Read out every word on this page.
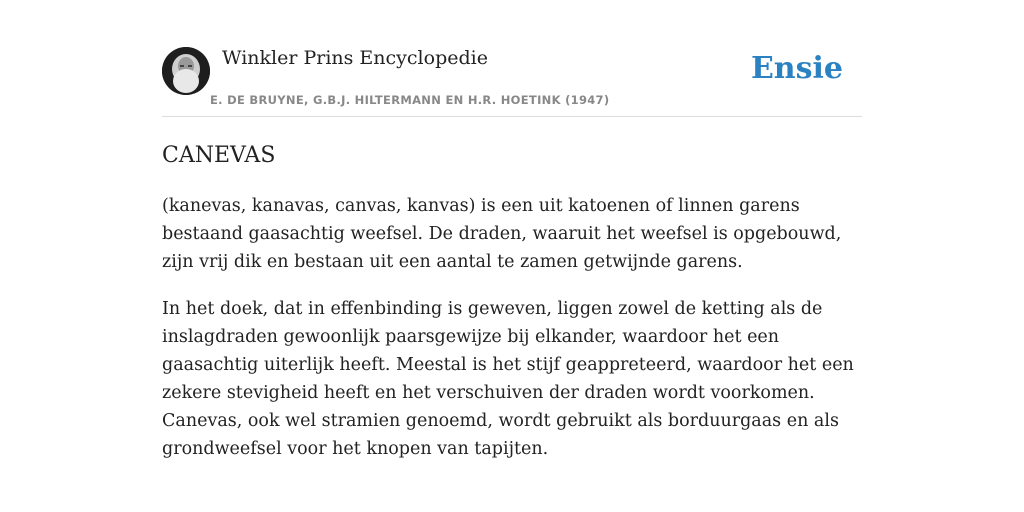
Winkler Prins Encyclopedie
E. DE BRUYNE, G.B.J. HILTERMANN EN H.R. HOETINK (1947)
Ensie
CANEVAS

(kanevas, kanavas, canvas, kanvas) is een uit katoenen of linnen garens bestaand gaasachtig weefsel. De draden, waaruit het weefsel is opgebouwd, zijn vrij dik en bestaan uit een aantal te zamen getwijnde garens.

In het doek, dat in effenbinding is geweven, liggen zowel de ketting als de inslagdraden gewoonlijk paarsgewijze bij elkander, waardoor het een gaasachtig uiterlijk heeft. Meestal is het stijf geappreteerd, waardoor het een zekere stevigheid heeft en het verschuiven der draden wordt voorkomen. Canevas, ook wel stramien genoemd, wordt gebruikt als borduurgaas en als grondweefsel voor het knopen van tapijten.
